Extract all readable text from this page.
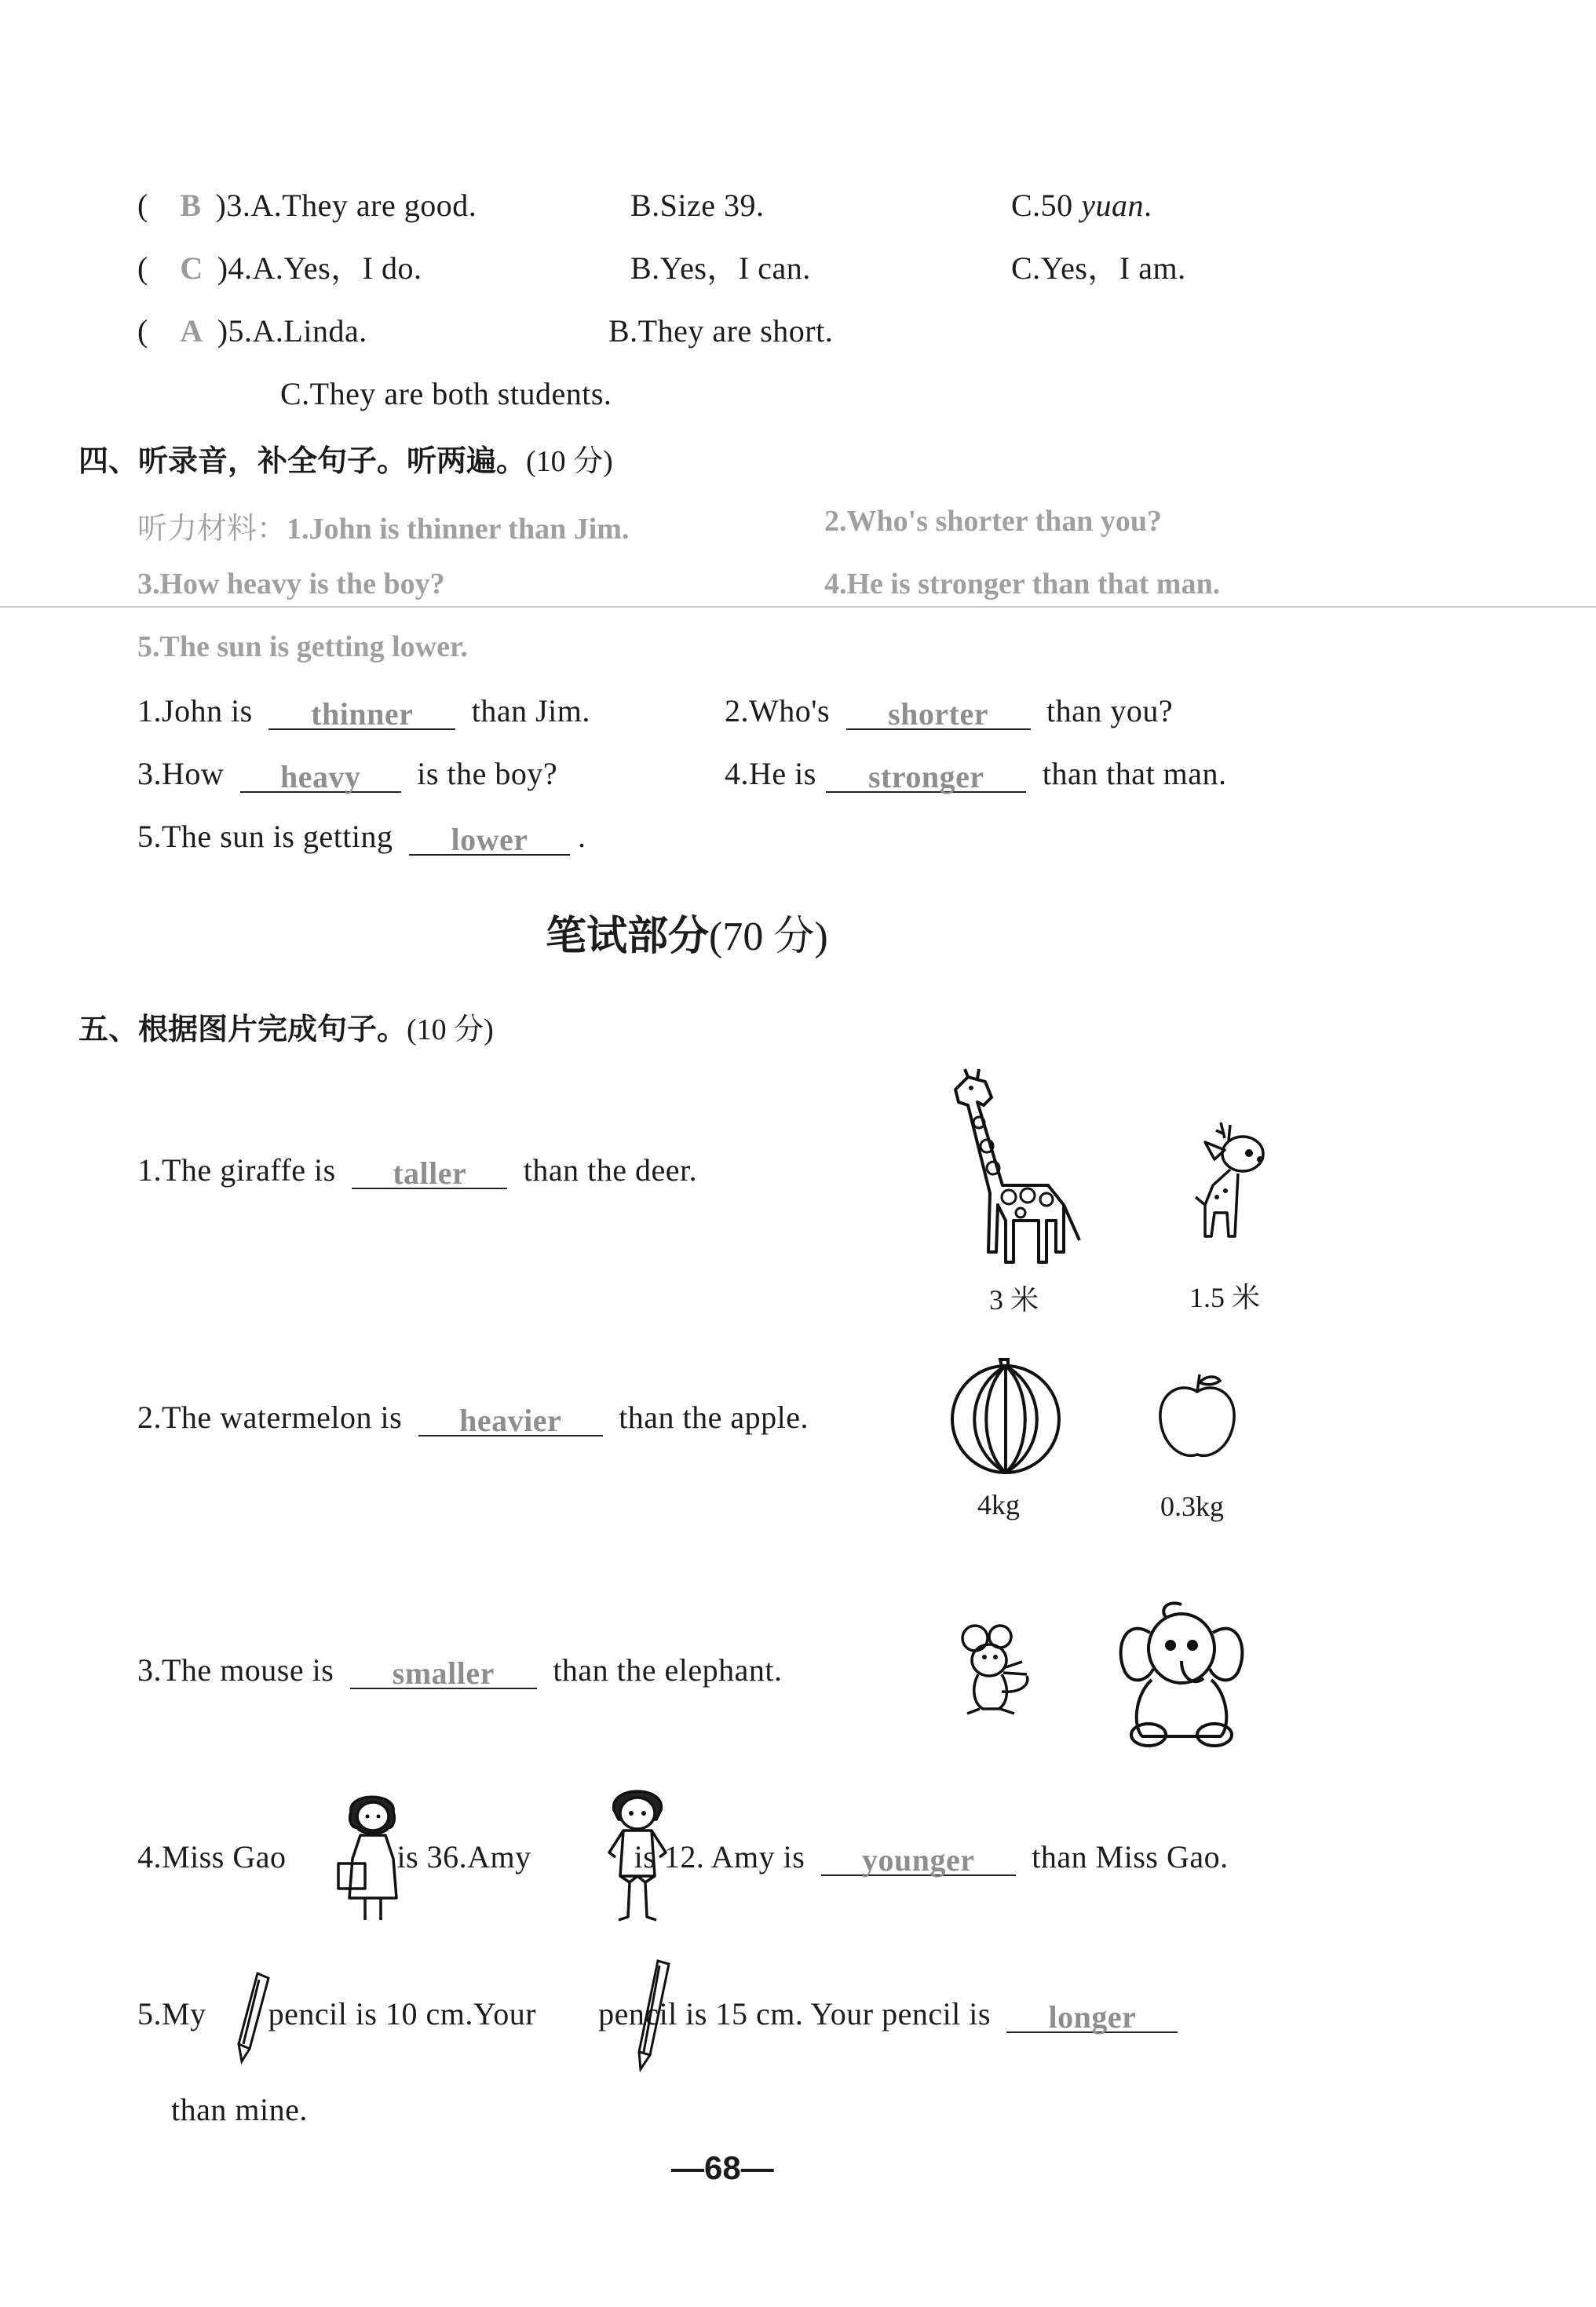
( B )3.A.They are good.	B.Size 39.	C.50 yuan.
( C )4.A.Yes，I do.	B.Yes，I can.	C.Yes，I am.
( A )5.A.Linda.	B.They are short.
C.They are both students.
四、听录音，补全句子。听两遍。(10 分)
听力材料：1.John is thinner than Jim.	2.Who's shorter than you?
3.How heavy is the boy?	4.He is stronger than that man.
5.The sun is getting lower.
1.John is thinner than Jim.	2.Who's shorter than you?
3.How heavy is the boy?	4.He is stronger than that man.
5.The sun is getting lower .
笔试部分(70 分)
五、根据图片完成句子。(10 分)
1.The giraffe is taller than the deer.
3 米	1.5 米
2.The watermelon is heavier than the apple.
4kg	0.3kg
3.The mouse is smaller than the elephant.
4.Miss Gao	is 36.Amy	is 12. Amy is younger than Miss Gao.
5.My pencil is 10 cm.Your pencil is 15 cm. Your pencil is longer
than mine.
—68—
